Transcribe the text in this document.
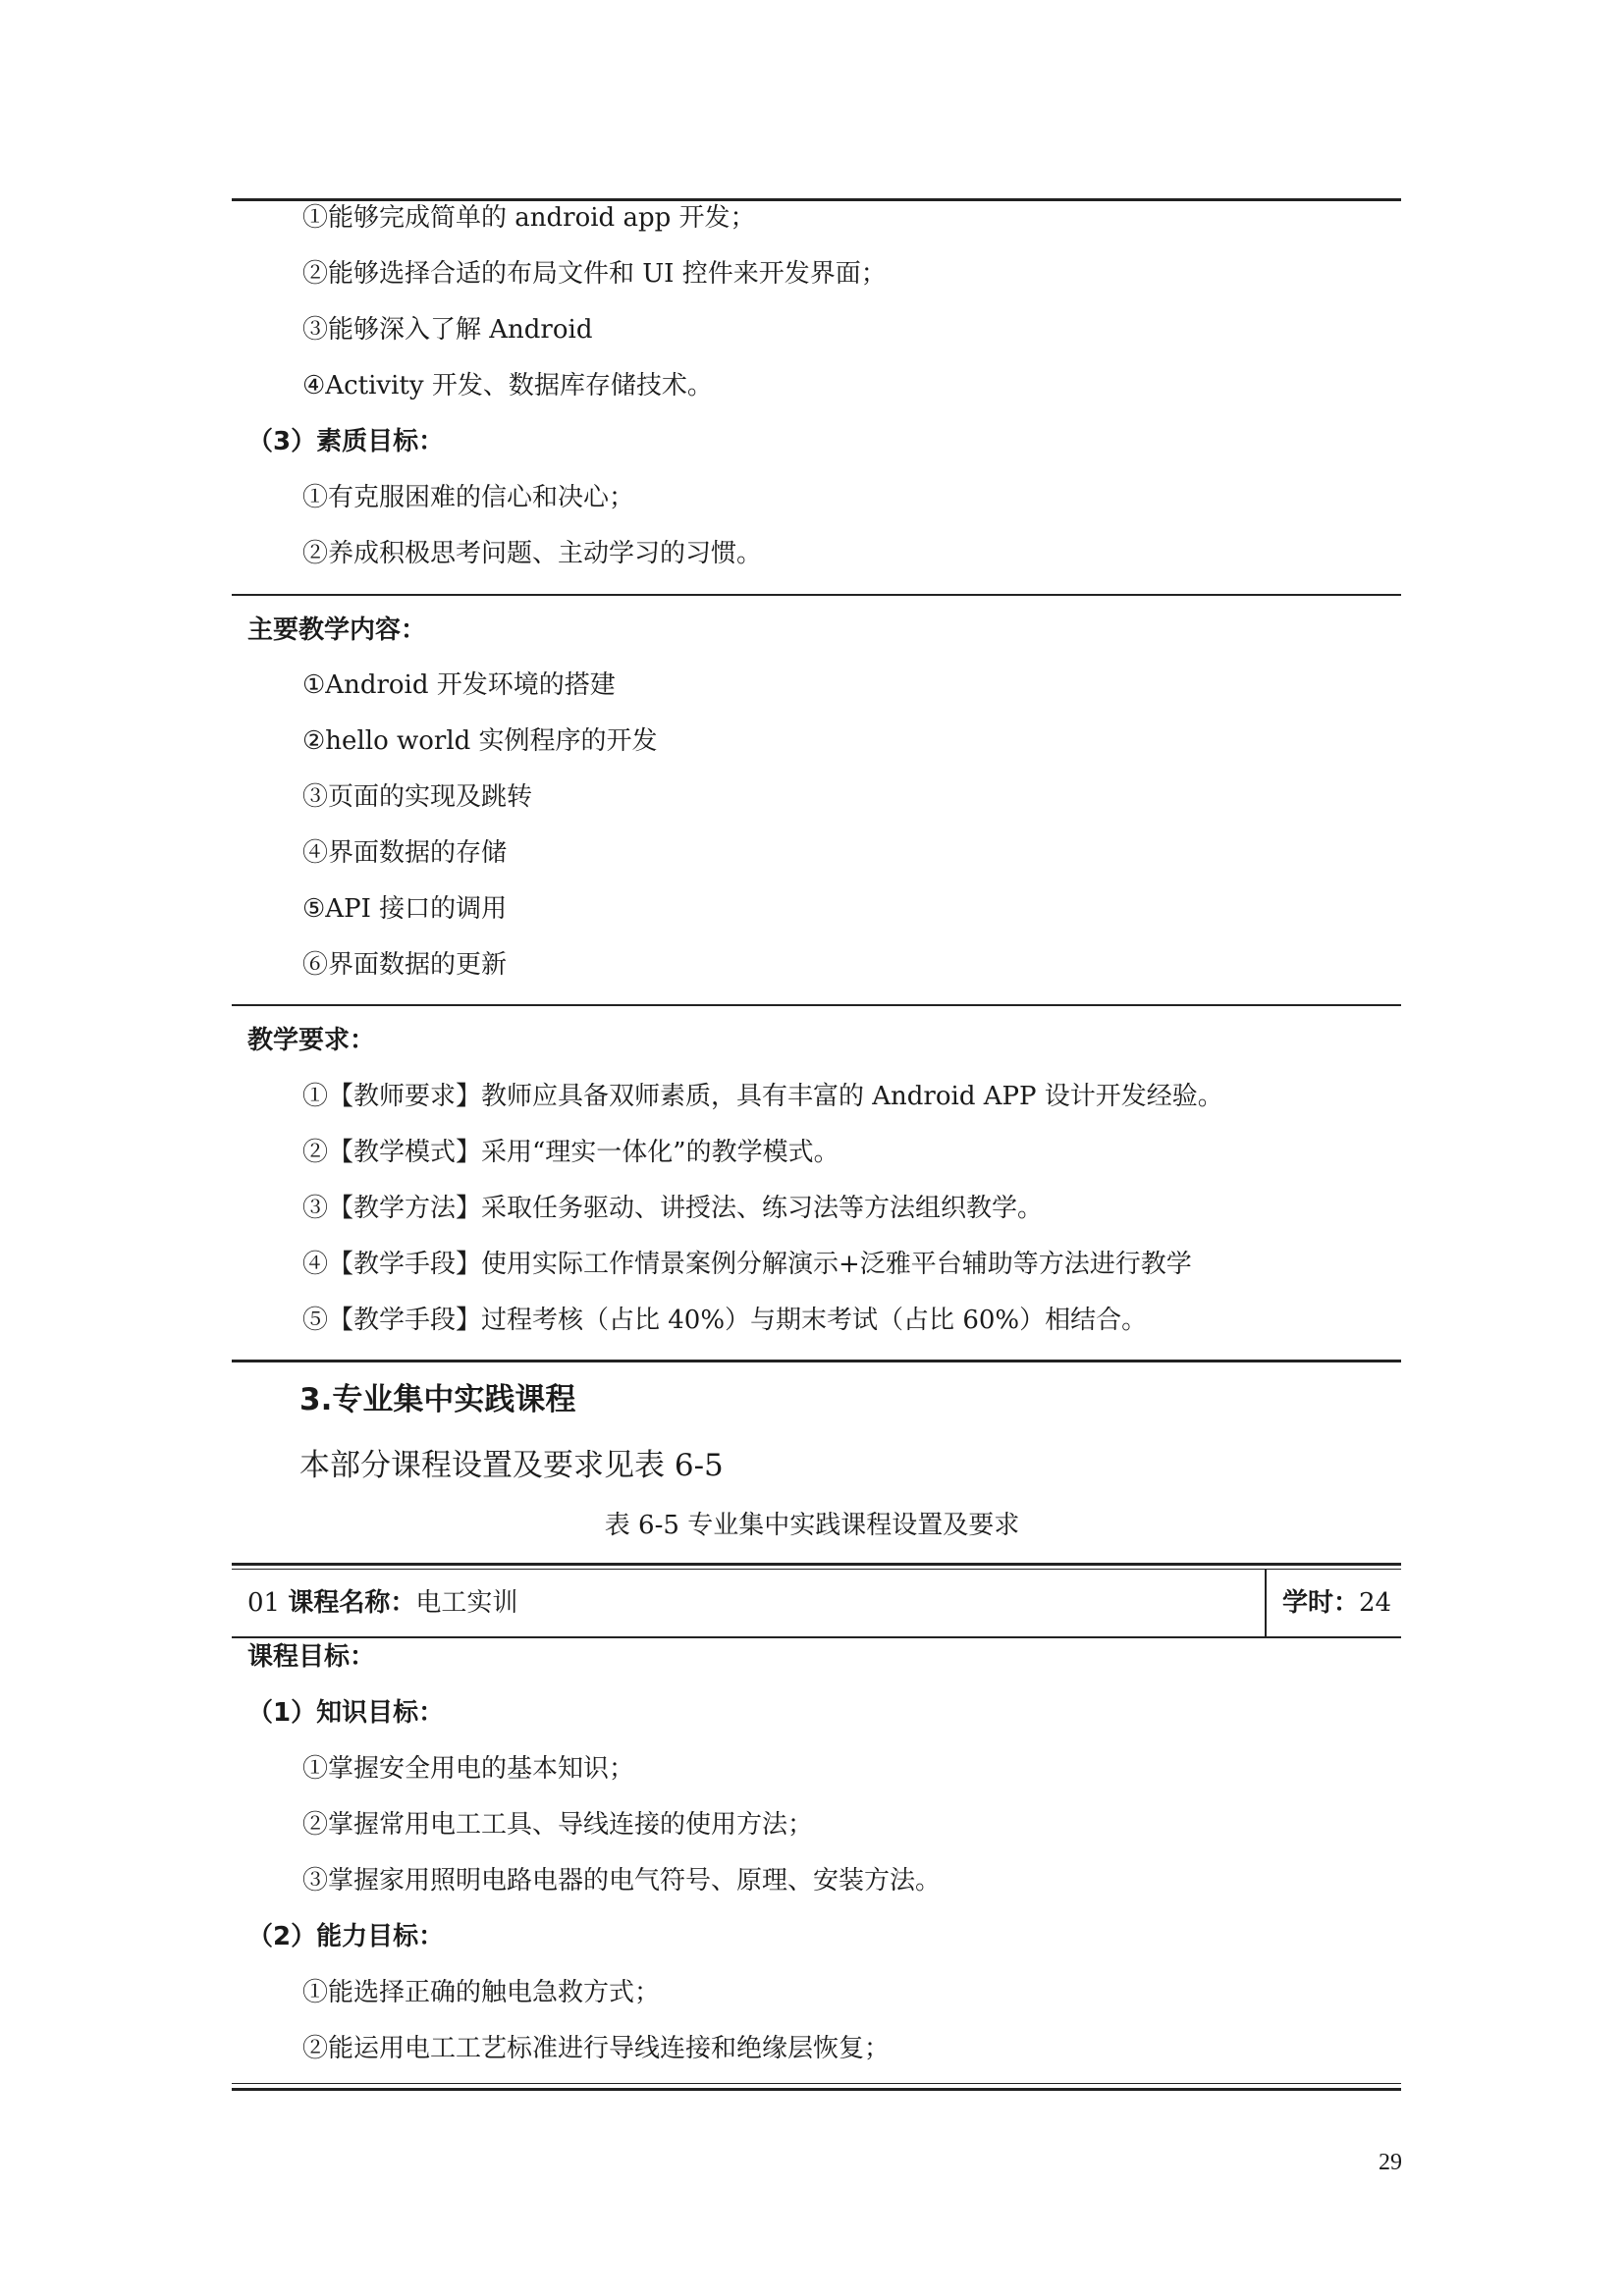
①能够完成简单的 android app 开发；
②能够选择合适的布局文件和 UI 控件来开发界面；
③能够深入了解 Android
④Activity 开发、数据库存储技术。
（3）素质目标：
①有克服困难的信心和决心；
②养成积极思考问题、主动学习的习惯。
主要教学内容：
①Android 开发环境的搭建
②hello world 实例程序的开发
③页面的实现及跳转
④界面数据的存储
⑤API 接口的调用
⑥界面数据的更新
教学要求：
①【教师要求】教师应具备双师素质，具有丰富的 Android APP 设计开发经验。
②【教学模式】采用“理实一体化”的教学模式。
③【教学方法】采取任务驱动、讲授法、练习法等方法组织教学。
④【教学手段】使用实际工作情景案例分解演示+泛雅平台辅助等方法进行教学
⑤【教学手段】过程考核（占比 40%）与期末考试（占比 60%）相结合。
3.专业集中实践课程
本部分课程设置及要求见表 6-5
表 6-5 专业集中实践课程设置及要求
01 课程名称：电工实训	学时：24
课程目标：
（1）知识目标：
①掌握安全用电的基本知识；
②掌握常用电工工具、导线连接的使用方法；
③掌握家用照明电路电器的电气符号、原理、安装方法。
（2）能力目标：
①能选择正确的触电急救方式；
②能运用电工工艺标准进行导线连接和绝缘层恢复；
29
